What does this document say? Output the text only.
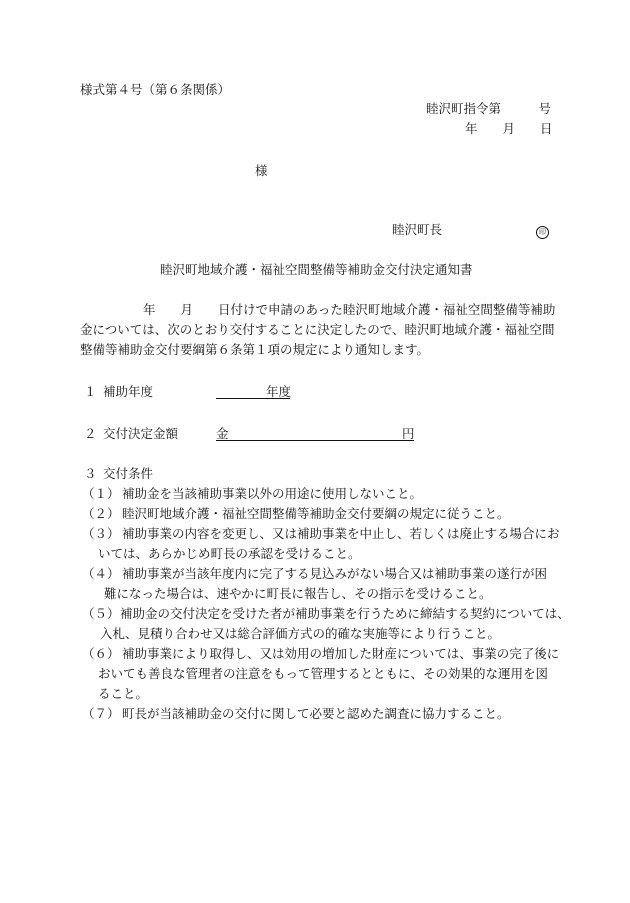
様式第４号（第６条関係）
睦沢町指令第　　　号
年　　月　　日
様
睦沢町長	印
睦沢町地域介護・福祉空間整備等補助金交付決定通知書
年　　月　　日付けで申請のあった睦沢町地域介護・福祉空間整備等補助
金については、次のとおり交付することに決定したので、睦沢町地域介護・福祉空間
整備等補助金交付要綱第６条第１項の規定により通知します。
１ 補助年度	年度
２ 交付決定金額	金	円
３ 交付条件
（１） 補助金を当該補助事業以外の用途に使用しないこと。
（２） 睦沢町地域介護・福祉空間整備等補助金交付要綱の規定に従うこと。
（３） 補助事業の内容を変更し、又は補助事業を中止し、若しくは廃止する場合にお
いては、あらかじめ町長の承認を受けること。
（４） 補助事業が当該年度内に完了する見込みがない場合又は補助事業の遂行が困
難になった場合は、速やかに町長に報告し、その指示を受けること。
（５） 補助金の交付決定を受けた者が補助事業を行うために締結する契約については、
入札、見積り合わせ又は総合評価方式の的確な実施等により行うこと。
（６） 補助事業により取得し、又は効用の増加した財産については、事業の完了後に
おいても善良な管理者の注意をもって管理するとともに、その効果的な運用を図
ること。
（７） 町長が当該補助金の交付に関して必要と認めた調査に協力すること。
